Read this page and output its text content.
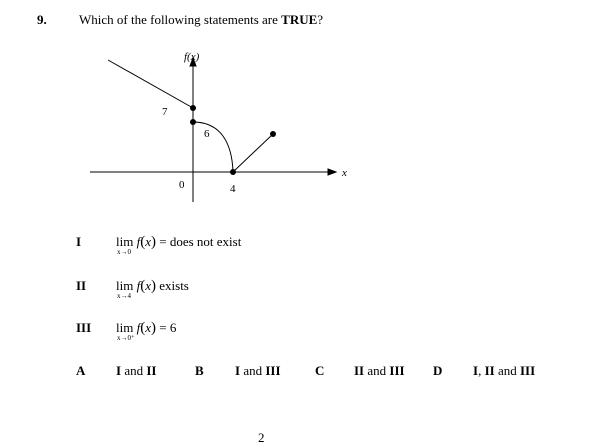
9. Which of the following statements are TRUE?
f(x)
x
0
7
6
4
I	lim
x→0
f(x) = does not exist
II lim
x→4
f(x) exists
III lim
x→0⁺
f(x) = 6
A I and II	B I and III	C II and III D I, II and III
2
